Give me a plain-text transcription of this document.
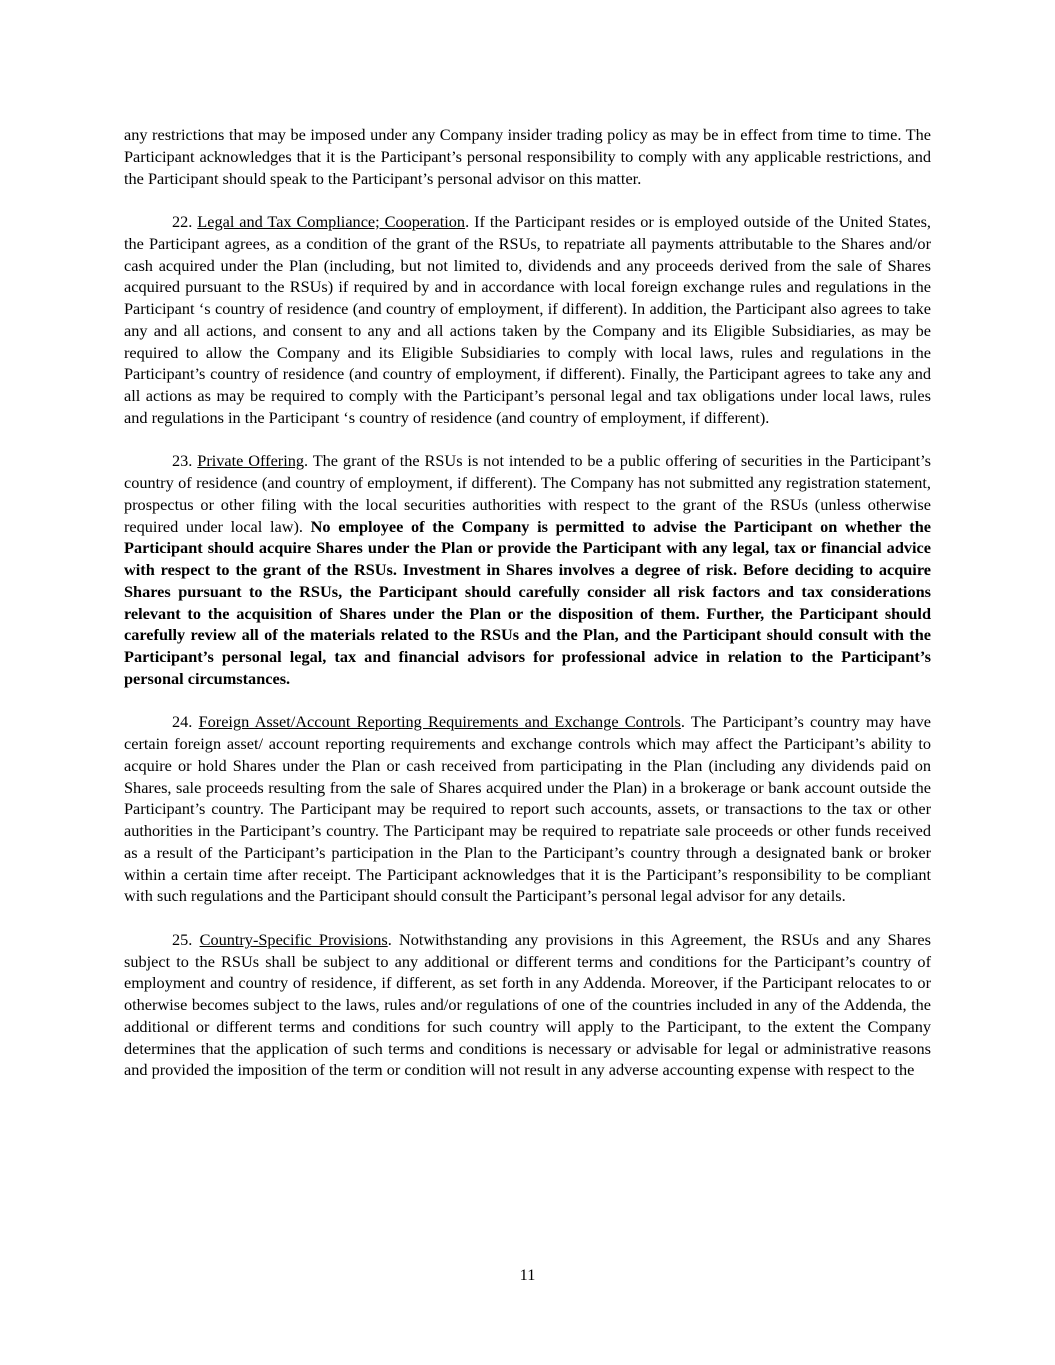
any restrictions that may be imposed under any Company insider trading policy as may be in effect from time to time. The Participant acknowledges that it is the Participant’s personal responsibility to comply with any applicable restrictions, and the Participant should speak to the Participant’s personal advisor on this matter.

22. Legal and Tax Compliance; Cooperation. If the Participant resides or is employed outside of the United States, the Participant agrees, as a condition of the grant of the RSUs, to repatriate all payments attributable to the Shares and/or cash acquired under the Plan (including, but not limited to, dividends and any proceeds derived from the sale of Shares acquired pursuant to the RSUs) if required by and in accordance with local foreign exchange rules and regulations in the Participant ‘s country of residence (and country of employment, if different). In addition, the Participant also agrees to take any and all actions, and consent to any and all actions taken by the Company and its Eligible Subsidiaries, as may be required to allow the Company and its Eligible Subsidiaries to comply with local laws, rules and regulations in the Participant’s country of residence (and country of employment, if different). Finally, the Participant agrees to take any and all actions as may be required to comply with the Participant’s personal legal and tax obligations under local laws, rules and regulations in the Participant ‘s country of residence (and country of employment, if different).

23. Private Offering. The grant of the RSUs is not intended to be a public offering of securities in the Participant’s country of residence (and country of employment, if different). The Company has not submitted any registration statement, prospectus or other filing with the local securities authorities with respect to the grant of the RSUs (unless otherwise required under local law). No employee of the Company is permitted to advise the Participant on whether the Participant should acquire Shares under the Plan or provide the Participant with any legal, tax or financial advice with respect to the grant of the RSUs. Investment in Shares involves a degree of risk. Before deciding to acquire Shares pursuant to the RSUs, the Participant should carefully consider all risk factors and tax considerations relevant to the acquisition of Shares under the Plan or the disposition of them. Further, the Participant should carefully review all of the materials related to the RSUs and the Plan, and the Participant should consult with the Participant’s personal legal, tax and financial advisors for professional advice in relation to the Participant’s personal circumstances.

24. Foreign Asset/Account Reporting Requirements and Exchange Controls. The Participant’s country may have certain foreign asset/ account reporting requirements and exchange controls which may affect the Participant’s ability to acquire or hold Shares under the Plan or cash received from participating in the Plan (including any dividends paid on Shares, sale proceeds resulting from the sale of Shares acquired under the Plan) in a brokerage or bank account outside the Participant’s country. The Participant may be required to report such accounts, assets, or transactions to the tax or other authorities in the Participant’s country. The Participant may be required to repatriate sale proceeds or other funds received as a result of the Participant’s participation in the Plan to the Participant’s country through a designated bank or broker within a certain time after receipt. The Participant acknowledges that it is the Participant’s responsibility to be compliant with such regulations and the Participant should consult the Participant’s personal legal advisor for any details.

25. Country-Specific Provisions. Notwithstanding any provisions in this Agreement, the RSUs and any Shares subject to the RSUs shall be subject to any additional or different terms and conditions for the Participant’s country of employment and country of residence, if different, as set forth in any Addenda. Moreover, if the Participant relocates to or otherwise becomes subject to the laws, rules and/or regulations of one of the countries included in any of the Addenda, the additional or different terms and conditions for such country will apply to the Participant, to the extent the Company determines that the application of such terms and conditions is necessary or advisable for legal or administrative reasons and provided the imposition of the term or condition will not result in any adverse accounting expense with respect to the

11
